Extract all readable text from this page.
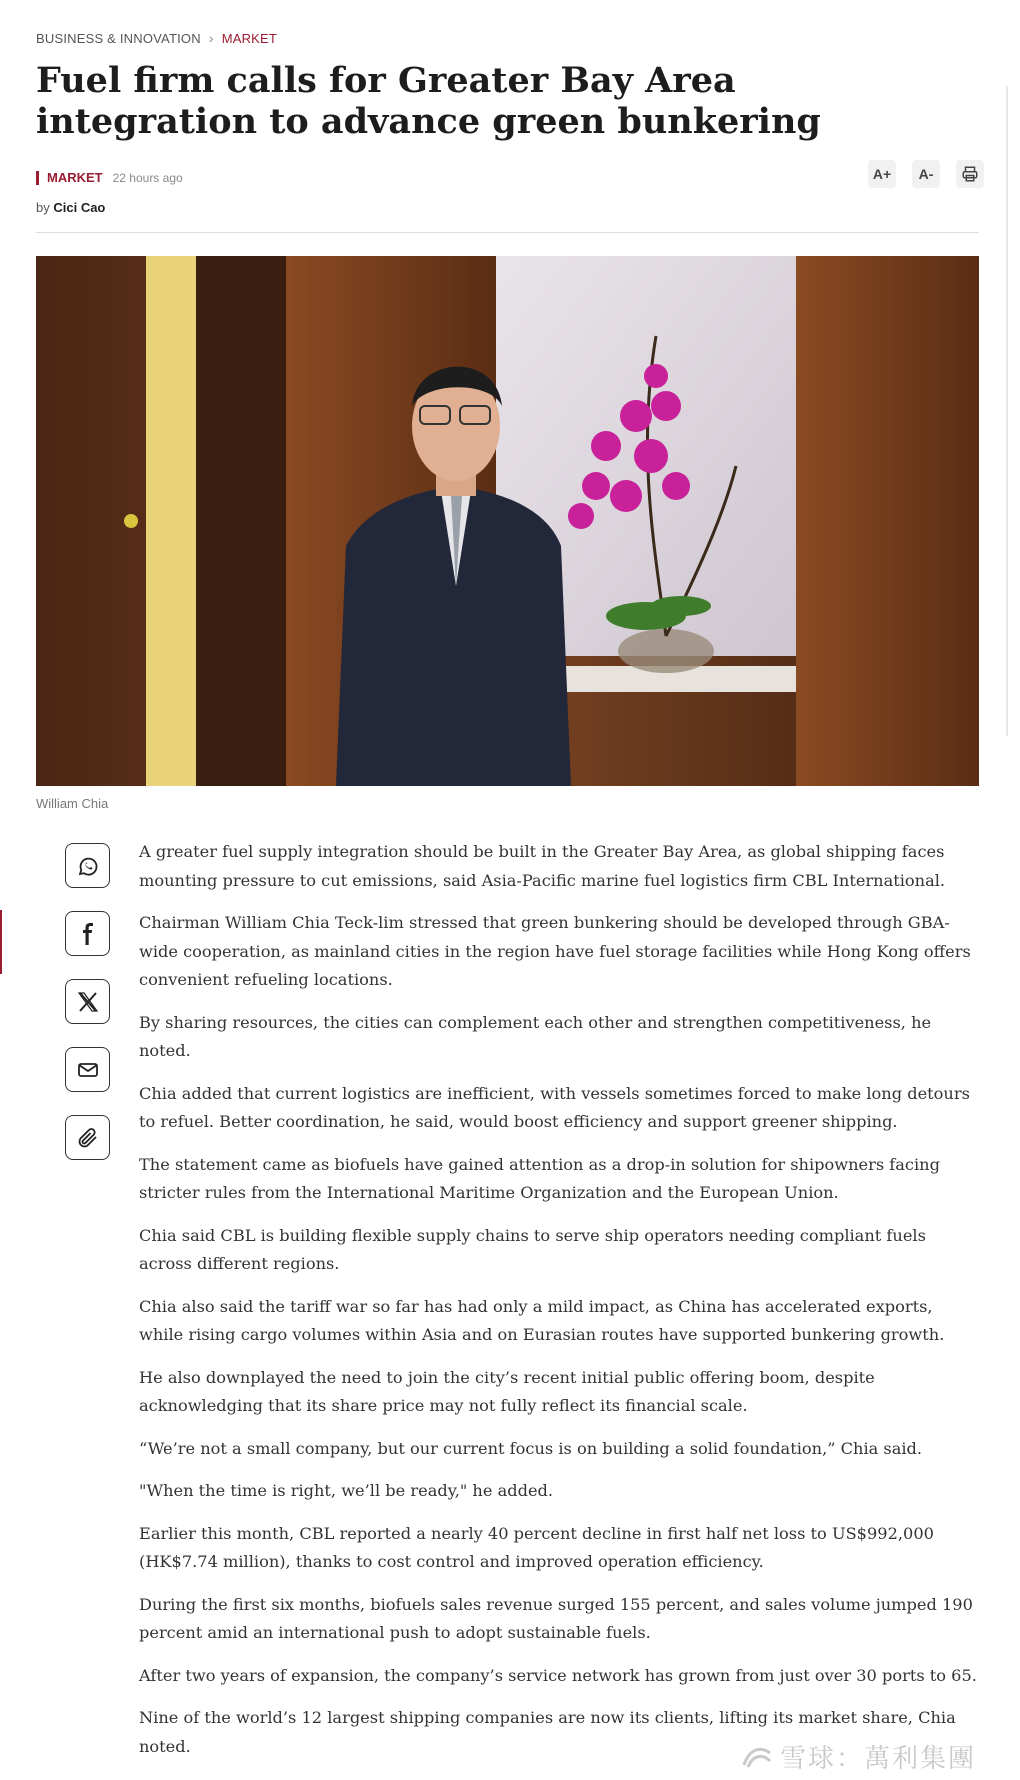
BUSINESS & INNOVATION › MARKET
Fuel firm calls for Greater Bay Area integration to advance green bunkering
MARKET 22 hours ago
by Cici Cao
A+ A-
William Chia

A greater fuel supply integration should be built in the Greater Bay Area, as global shipping faces mounting pressure to cut emissions, said Asia-Pacific marine fuel logistics firm CBL International.

Chairman William Chia Teck-lim stressed that green bunkering should be developed through GBA-wide cooperation, as mainland cities in the region have fuel storage facilities while Hong Kong offers convenient refueling locations.

By sharing resources, the cities can complement each other and strengthen competitiveness, he noted.

Chia added that current logistics are inefficient, with vessels sometimes forced to make long detours to refuel. Better coordination, he said, would boost efficiency and support greener shipping.

The statement came as biofuels have gained attention as a drop-in solution for shipowners facing stricter rules from the International Maritime Organization and the European Union.

Chia said CBL is building flexible supply chains to serve ship operators needing compliant fuels across different regions.

Chia also said the tariff war so far has had only a mild impact, as China has accelerated exports, while rising cargo volumes within Asia and on Eurasian routes have supported bunkering growth.

He also downplayed the need to join the city’s recent initial public offering boom, despite acknowledging that its share price may not fully reflect its financial scale.

“We’re not a small company, but our current focus is on building a solid foundation,” Chia said.

"When the time is right, we’ll be ready," he added.

Earlier this month, CBL reported a nearly 40 percent decline in first half net loss to US$992,000 (HK$7.74 million), thanks to cost control and improved operation efficiency.

During the first six months, biofuels sales revenue surged 155 percent, and sales volume jumped 190 percent amid an international push to adopt sustainable fuels.

After two years of expansion, the company’s service network has grown from just over 30 ports to 65.

Nine of the world’s 12 largest shipping companies are now its clients, lifting its market share, Chia noted.	雪球：萬利集團
